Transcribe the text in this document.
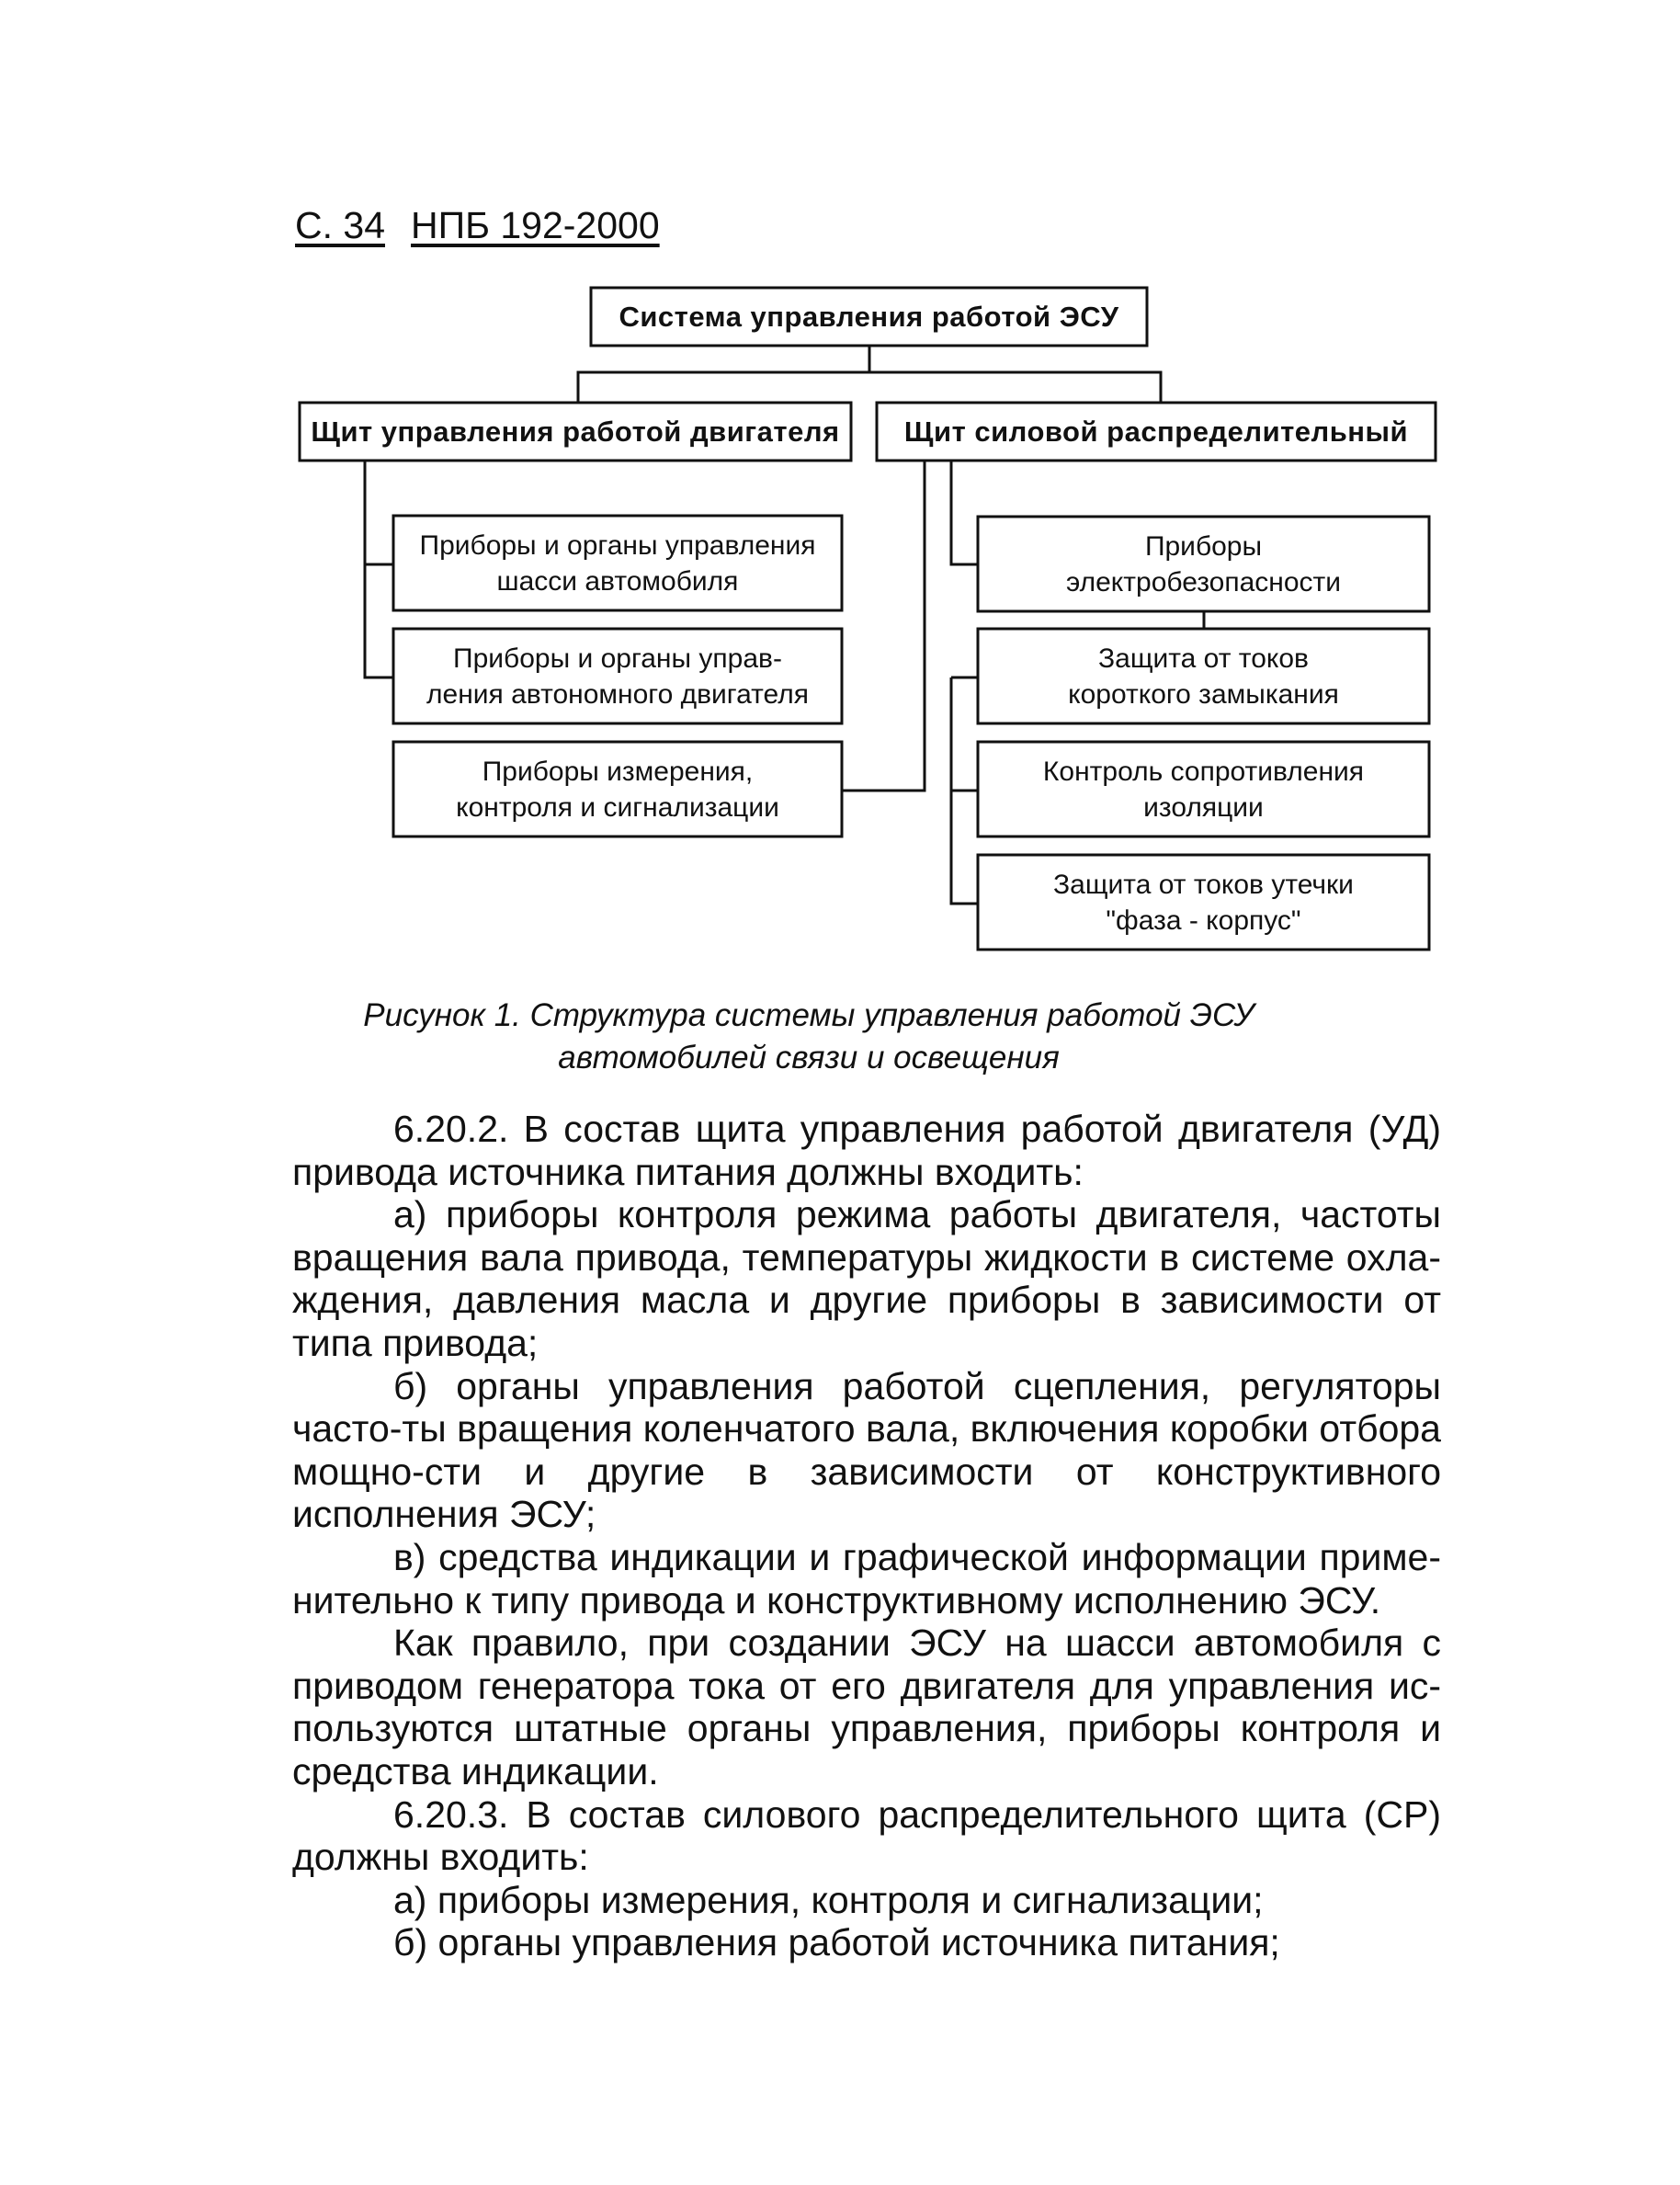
С. 34 НПБ 192-2000
Система управления работой ЭСУ
Щит управления работой двигателя Щит силовой распределительный
Приборы и органы управления
шасси автомобиля
Приборы и органы управ-
ления автономного двигателя
Приборы измерения,
контроля и сигнализации
Приборы
электробезопасности
Защита от токов
короткого замыкания
Контроль сопротивления
изоляции
Защита от токов утечки
"фаза - корпус"
Рисунок 1. Структура системы управления работой ЭСУ
автомобилей связи и освещения

6.20.2. В состав щита управления работой двигателя (УД) привода источника питания должны входить:

а) приборы контроля режима работы двигателя, частоты вращения вала привода, температуры жидкости в системе охла-ждения, давления масла и другие приборы в зависимости от типа привода;

б) органы управления работой сцепления, регуляторы часто-ты вращения коленчатого вала, включения коробки отбора мощно-сти и другие в зависимости от конструктивного исполнения ЭСУ;

в) средства индикации и графической информации приме-нительно к типу привода и конструктивному исполнению ЭСУ.

Как правило, при создании ЭСУ на шасси автомобиля с приводом генератора тока от его двигателя для управления ис-пользуются штатные органы управления, приборы контроля и средства индикации.

6.20.3. В состав силового распределительного щита (СР) должны входить:

а) приборы измерения, контроля и сигнализации;

б) органы управления работой источника питания;
